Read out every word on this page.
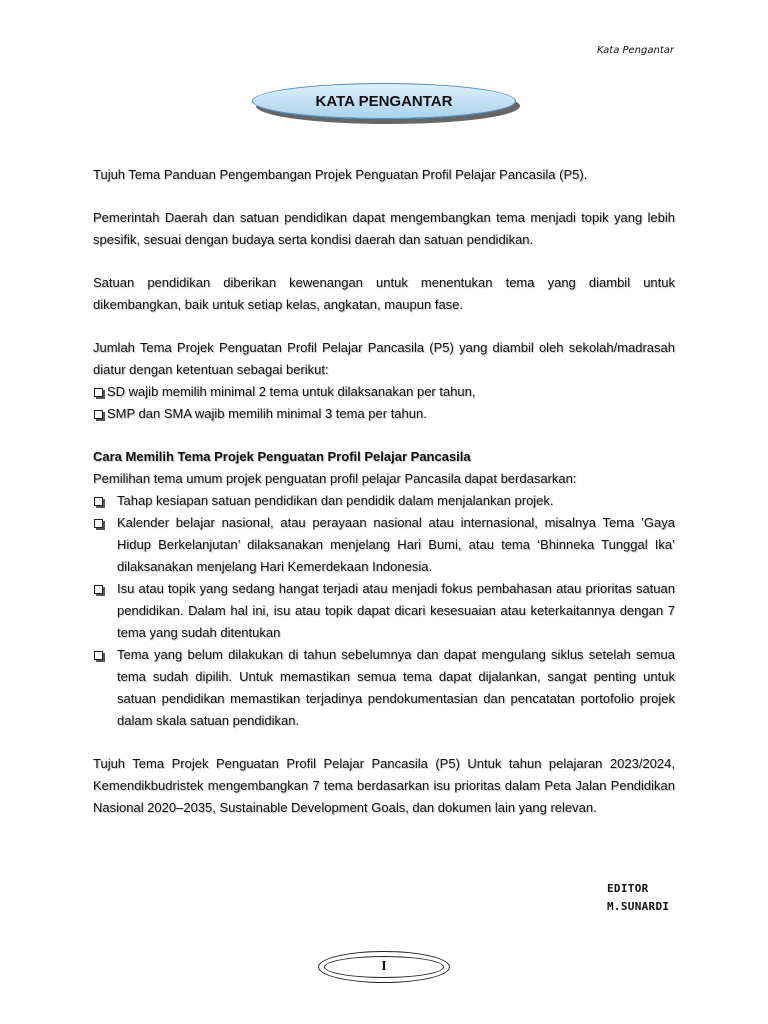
Kata Pengantar
KATA PENGANTAR

Tujuh Tema Panduan Pengembangan Projek Penguatan Profil Pelajar Pancasila (P5).

Pemerintah Daerah dan satuan pendidikan dapat mengembangkan tema menjadi topik yang lebih spesifik, sesuai dengan budaya serta kondisi daerah dan satuan pendidikan.

Satuan pendidikan diberikan kewenangan untuk menentukan tema yang diambil untuk dikembangkan, baik untuk setiap kelas, angkatan, maupun fase.

Jumlah Tema Projek Penguatan Profil Pelajar Pancasila (P5) yang diambil oleh sekolah/madrasah diatur dengan ketentuan sebagai berikut:

SD wajib memilih minimal 2 tema untuk dilaksanakan per tahun,
SMP dan SMA wajib memilih minimal 3 tema per tahun.
Cara Memilih Tema Projek Penguatan Profil Pelajar Pancasila

Pemilihan tema umum projek penguatan profil pelajar Pancasila dapat berdasarkan:

Tahap kesiapan satuan pendidikan dan pendidik dalam menjalankan projek.
Kalender belajar nasional, atau perayaan nasional atau internasional, misalnya Tema ’Gaya Hidup Berkelanjutan’ dilaksanakan menjelang Hari Bumi, atau tema ‘Bhinneka Tunggal Ika’ dilaksanakan menjelang Hari Kemerdekaan Indonesia.
Isu atau topik yang sedang hangat terjadi atau menjadi fokus pembahasan atau prioritas satuan pendidikan. Dalam hal ini, isu atau topik dapat dicari kesesuaian atau keterkaitannya dengan 7 tema yang sudah ditentukan
Tema yang belum dilakukan di tahun sebelumnya dan dapat mengulang siklus setelah semua tema sudah dipilih. Untuk memastikan semua tema dapat dijalankan, sangat penting untuk satuan pendidikan memastikan terjadinya pendokumentasian dan pencatatan portofolio projek dalam skala satuan pendidikan.

Tujuh Tema Projek Penguatan Profil Pelajar Pancasila (P5) Untuk tahun pelajaran 2023/2024, Kemendikbudristek mengembangkan 7 tema berdasarkan isu prioritas dalam Peta Jalan Pendidikan Nasional 2020–2035, Sustainable Development Goals, dan dokumen lain yang relevan.

EDITOR
M.SUNARDI
I
